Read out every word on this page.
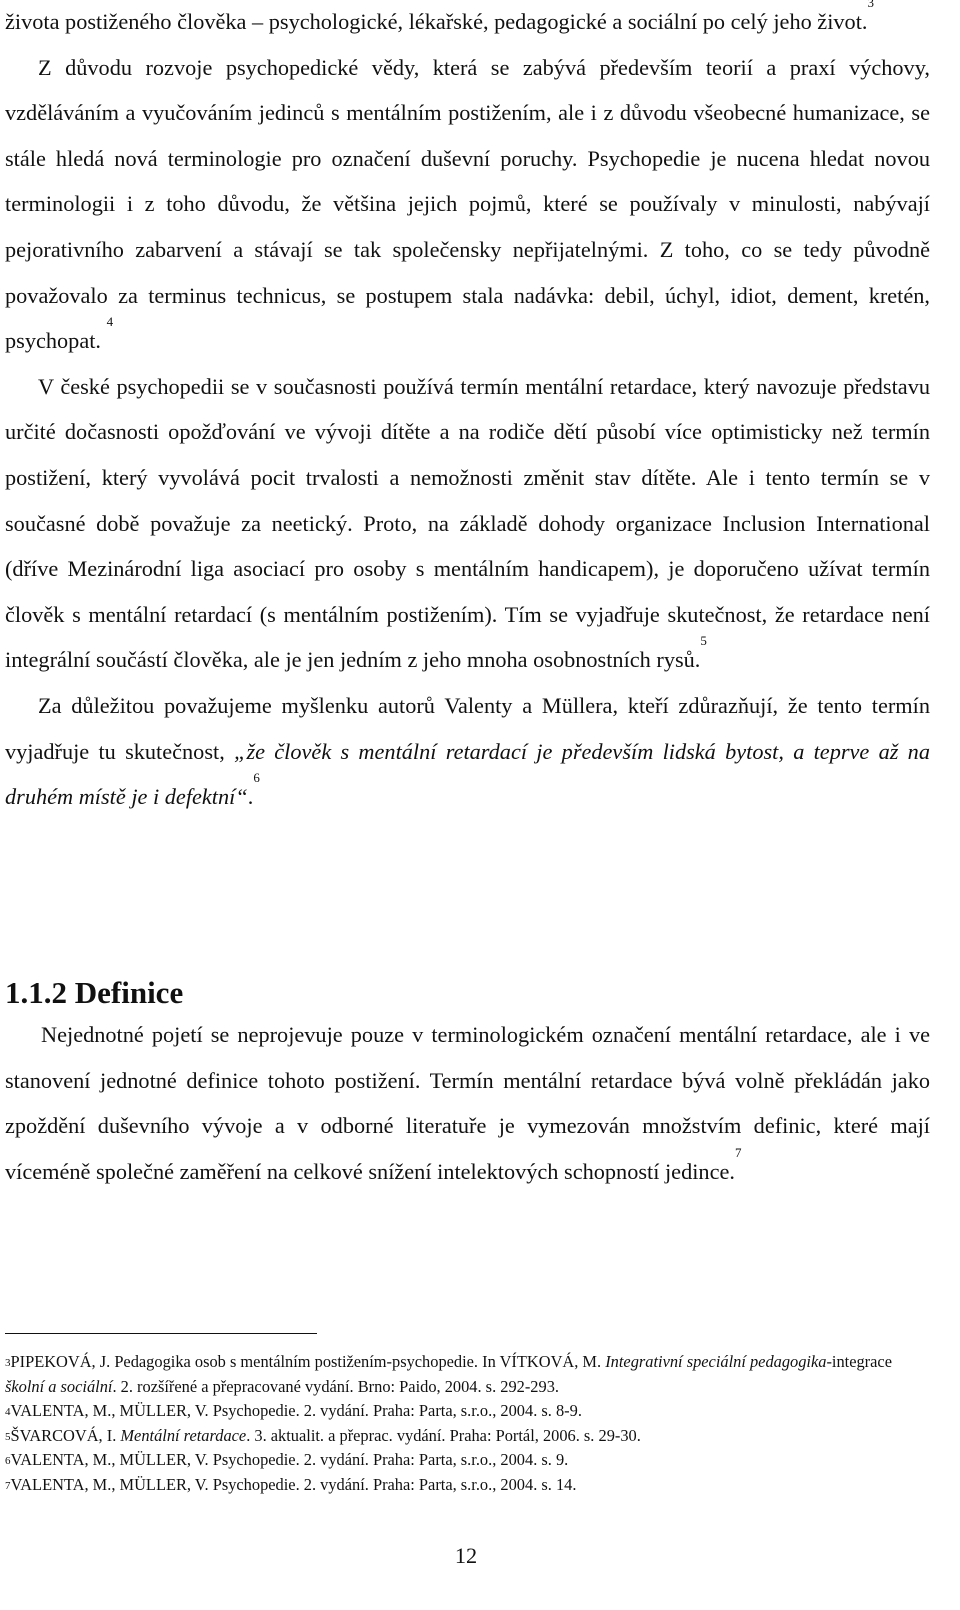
života postiženého člověka – psychologické, lékařské, pedagogické a sociální po celý jeho život.$^3$

Z důvodu rozvoje psychopedické vědy, která se zabývá především teorií a praxí výchovy, vzděláváním a vyučováním jedinců s mentálním postižením, ale i z důvodu všeobecné humanizace, se stále hledá nová terminologie pro označení duševní poruchy. Psychopedie je nucena hledat novou terminologii i z toho důvodu, že většina jejich pojmů, které se používaly v minulosti, nabývají pejorativního zabarvení a stávají se tak společensky nepřijatelnými. Z toho, co se tedy původně považovalo za terminus technicus, se postupem stala nadávka: debil, úchyl, idiot, dement, kretén, psychopat. $^4$

V české psychopedii se v současnosti používá termín mentální retardace, který navozuje představu určité dočasnosti opožďování ve vývoji dítěte a na rodiče dětí působí více optimisticky než termín postižení, který vyvolává pocit trvalosti a nemožnosti změnit stav dítěte. Ale i tento termín se v současné době považuje za neetický. Proto, na základě dohody organizace Inclusion International (dříve Mezinárodní liga asociací pro osoby s mentálním handicapem), je doporučeno užívat termín člověk s mentální retardací (s mentálním postižením). Tím se vyjadřuje skutečnost, že retardace není integrální součástí člověka, ale je jen jedním z jeho mnoha osobnostních rysů.$^5$

Za důležitou považujeme myšlenku autorů Valenty a Müllera, kteří zdůrazňují, že tento termín vyjadřuje tu skutečnost, „že člověk s mentální retardací je především lidská bytost, a teprve až na druhém místě je i defektní“.$^6$

1.1.2 Definice

Nejednotné pojetí se neprojevuje pouze v terminologickém označení mentální retardace, ale i ve stanovení jednotné definice tohoto postižení. Termín mentální retardace bývá volně překládán jako zpoždění duševního vývoje a v odborné literatuře je vymezován množstvím definic, které mají víceméně společné zaměření na celkové snížení intelektových schopností jedince.$^7$

$^3$PIPEKOVÁ, J. Pedagogika osob s mentálním postižením-psychopedie. In VÍTKOVÁ, M. Integrativní speciální pedagogika-integrace školní a sociální. 2. rozšířené a přepracované vydání. Brno: Paido, 2004. s. 292-293.

$^4$VALENTA, M., MÜLLER, V. Psychopedie. 2. vydání. Praha: Parta, s.r.o., 2004. s. 8-9.

$^5$ŠVARCOVÁ, I. Mentální retardace. 3. aktualit. a přeprac. vydání. Praha: Portál, 2006. s. 29-30.

$^6$VALENTA, M., MÜLLER, V. Psychopedie. 2. vydání. Praha: Parta, s.r.o., 2004. s. 9.

$^7$VALENTA, M., MÜLLER, V. Psychopedie. 2. vydání. Praha: Parta, s.r.o., 2004. s. 14.

12
